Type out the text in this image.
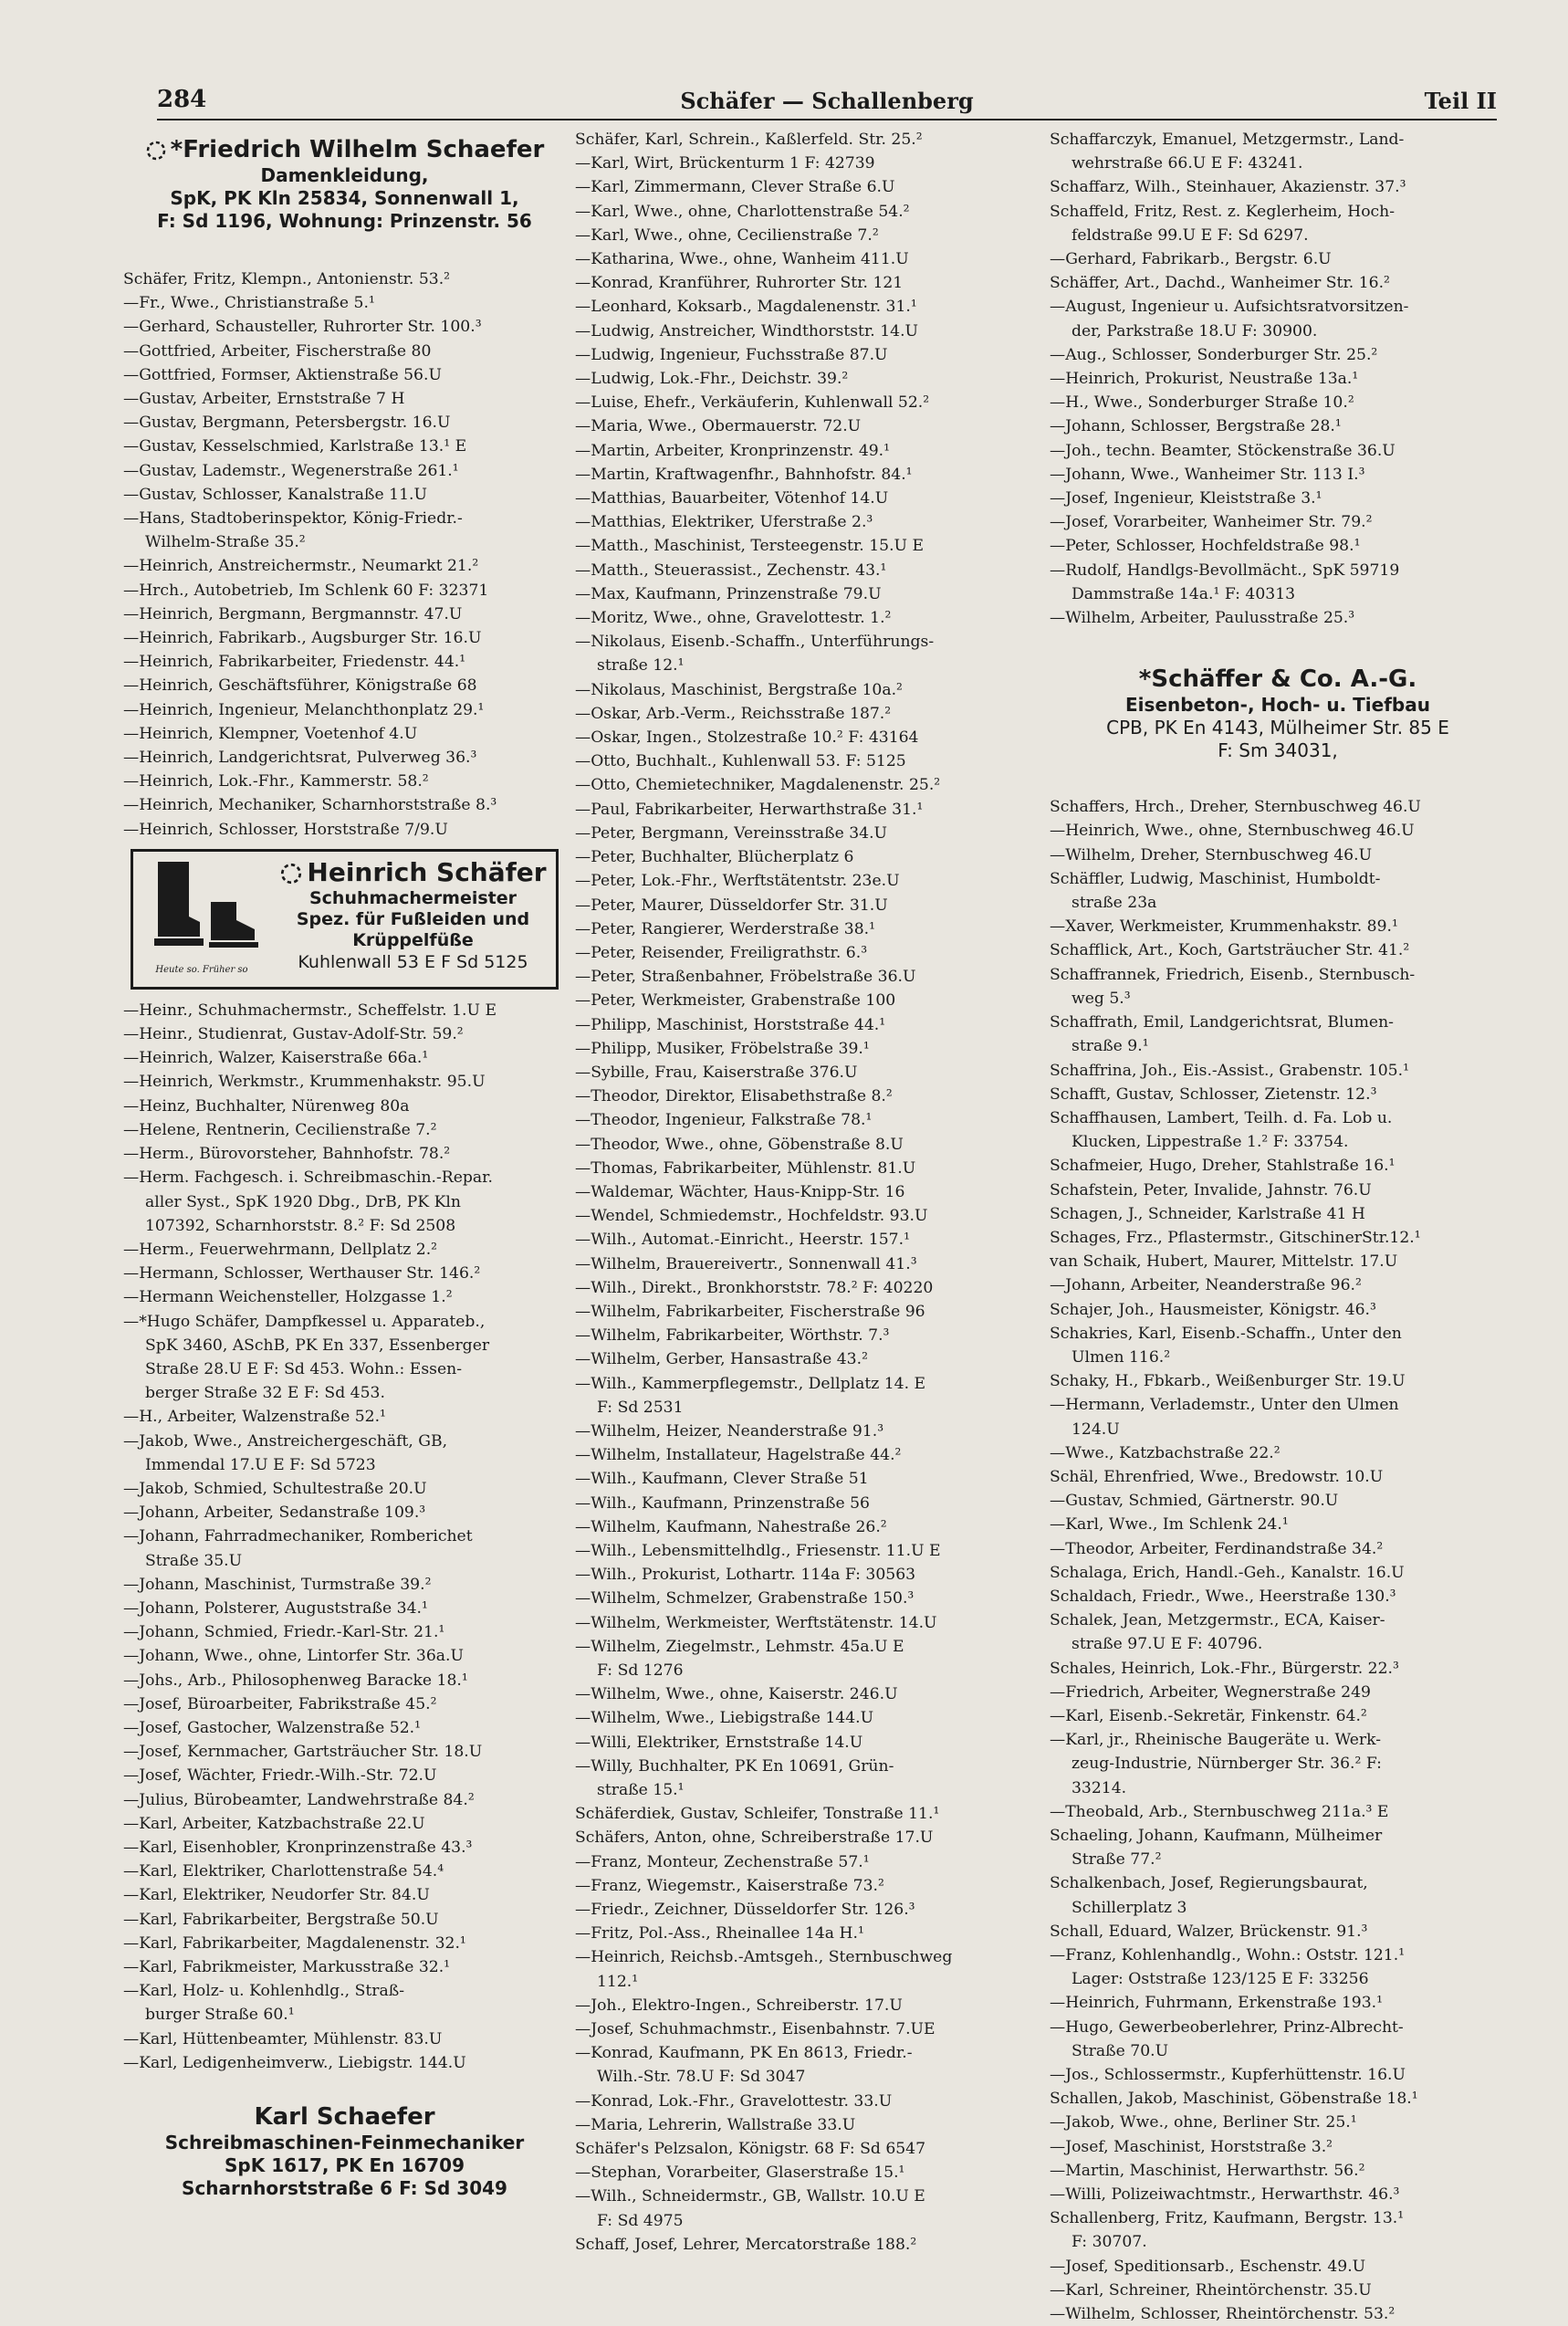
284	Schäfer — Schallenberg	Teil II
*Friedrich Wilhelm Schaefer
Damenkleidung,
SpK, PK Kln 25834, Sonnenwall 1,
F: Sd 1196, Wohnung: Prinzenstr. 56
Schäfer, Fritz, Klempn., Antonienstr. 53.²
—Fr., Wwe., Christianstraße 5.¹
—Gerhard, Schausteller, Ruhrorter Str. 100.³
—Gottfried, Arbeiter, Fischerstraße 80
—Gottfried, Formser, Aktienstraße 56.U
—Gustav, Arbeiter, Ernststraße 7 H
—Gustav, Bergmann, Petersbergstr. 16.U
—Gustav, Kesselschmied, Karlstraße 13.¹ E
—Gustav, Lademstr., Wegenerstraße 261.¹
—Gustav, Schlosser, Kanalstraße 11.U
—Hans, Stadtoberinspektor, König-Friedr.-
Wilhelm-Straße 35.²
—Heinrich, Anstreichermstr., Neumarkt 21.²
—Hrch., Autobetrieb, Im Schlenk 60 F: 32371
—Heinrich, Bergmann, Bergmannstr. 47.U
—Heinrich, Fabrikarb., Augsburger Str. 16.U
—Heinrich, Fabrikarbeiter, Friedenstr. 44.¹
—Heinrich, Geschäftsführer, Königstraße 68
—Heinrich, Ingenieur, Melanchthonplatz 29.¹
—Heinrich, Klempner, Voetenhof 4.U
—Heinrich, Landgerichtsrat, Pulverweg 36.³
—Heinrich, Lok.-Fhr., Kammerstr. 58.²
—Heinrich, Mechaniker, Scharnhorststraße 8.³
—Heinrich, Schlosser, Horststraße 7/9.U
Heute so. Früher so
Heinrich Schäfer
Schuhmachermeister
Spez. für Fußleiden und
Krüppelfüße
Kuhlenwall 53 E F Sd 5125
—Heinr., Schuhmachermstr., Scheffelstr. 1.U E
—Heinr., Studienrat, Gustav-Adolf-Str. 59.²
—Heinrich, Walzer, Kaiserstraße 66a.¹
—Heinrich, Werkmstr., Krummenhakstr. 95.U
—Heinz, Buchhalter, Nürenweg 80a
—Helene, Rentnerin, Cecilienstraße 7.²
—Herm., Bürovorsteher, Bahnhofstr. 78.²
—Herm. Fachgesch. i. Schreibmaschin.-Repar.
aller Syst., SpK 1920 Dbg., DrB, PK Kln
107392, Scharnhorststr. 8.² F: Sd 2508
—Herm., Feuerwehrmann, Dellplatz 2.²
—Hermann, Schlosser, Werthauser Str. 146.²
—Hermann Weichensteller, Holzgasse 1.²
—*Hugo Schäfer, Dampfkessel u. Apparateb.,
SpK 3460, ASchB, PK En 337, Essenberger
Straße 28.U E F: Sd 453. Wohn.: Essen-
berger Straße 32 E F: Sd 453.
—H., Arbeiter, Walzenstraße 52.¹
—Jakob, Wwe., Anstreichergeschäft, GB,
Immendal 17.U E F: Sd 5723
—Jakob, Schmied, Schultestraße 20.U
—Johann, Arbeiter, Sedanstraße 109.³
—Johann, Fahrradmechaniker, Romberichet
Straße 35.U
—Johann, Maschinist, Turmstraße 39.²
—Johann, Polsterer, Auguststraße 34.¹
—Johann, Schmied, Friedr.-Karl-Str. 21.¹
—Johann, Wwe., ohne, Lintorfer Str. 36a.U
—Johs., Arb., Philosophenweg Baracke 18.¹
—Josef, Büroarbeiter, Fabrikstraße 45.²
—Josef, Gastocher, Walzenstraße 52.¹
—Josef, Kernmacher, Gartsträucher Str. 18.U
—Josef, Wächter, Friedr.-Wilh.-Str. 72.U
—Julius, Bürobeamter, Landwehrstraße 84.²
—Karl, Arbeiter, Katzbachstraße 22.U
—Karl, Eisenhobler, Kronprinzenstraße 43.³
—Karl, Elektriker, Charlottenstraße 54.⁴
—Karl, Elektriker, Neudorfer Str. 84.U
—Karl, Fabrikarbeiter, Bergstraße 50.U
—Karl, Fabrikarbeiter, Magdalenenstr. 32.¹
—Karl, Fabrikmeister, Markusstraße 32.¹
—Karl, Holz- u. Kohlenhdlg., Straß-
burger Straße 60.¹
—Karl, Hüttenbeamter, Mühlenstr. 83.U
—Karl, Ledigenheimverw., Liebigstr. 144.U
Karl Schaefer
Schreibmaschinen-Feinmechaniker
SpK 1617, PK En 16709
Scharnhorststraße 6 F: Sd 3049
Schäfer, Karl, Schrein., Kaßlerfeld. Str. 25.²
—Karl, Wirt, Brückenturm 1 F: 42739
—Karl, Zimmermann, Clever Straße 6.U
—Karl, Wwe., ohne, Charlottenstraße 54.²
—Karl, Wwe., ohne, Cecilienstraße 7.²
—Katharina, Wwe., ohne, Wanheim 411.U
—Konrad, Kranführer, Ruhrorter Str. 121
—Leonhard, Koksarb., Magdalenenstr. 31.¹
—Ludwig, Anstreicher, Windthorststr. 14.U
—Ludwig, Ingenieur, Fuchsstraße 87.U
—Ludwig, Lok.-Fhr., Deichstr. 39.²
—Luise, Ehefr., Verkäuferin, Kuhlenwall 52.²
—Maria, Wwe., Obermauerstr. 72.U
—Martin, Arbeiter, Kronprinzenstr. 49.¹
—Martin, Kraftwagenfhr., Bahnhofstr. 84.¹
—Matthias, Bauarbeiter, Vötenhof 14.U
—Matthias, Elektriker, Uferstraße 2.³
—Matth., Maschinist, Tersteegenstr. 15.U E
—Matth., Steuerassist., Zechenstr. 43.¹
—Max, Kaufmann, Prinzenstraße 79.U
—Moritz, Wwe., ohne, Gravelottestr. 1.²
—Nikolaus, Eisenb.-Schaffn., Unterführungs-
straße 12.¹
—Nikolaus, Maschinist, Bergstraße 10a.²
—Oskar, Arb.-Verm., Reichsstraße 187.²
—Oskar, Ingen., Stolzestraße 10.² F: 43164
—Otto, Buchhalt., Kuhlenwall 53. F: 5125
—Otto, Chemietechniker, Magdalenenstr. 25.²
—Paul, Fabrikarbeiter, Herwarthstraße 31.¹
—Peter, Bergmann, Vereinsstraße 34.U
—Peter, Buchhalter, Blücherplatz 6
—Peter, Lok.-Fhr., Werftstätentstr. 23e.U
—Peter, Maurer, Düsseldorfer Str. 31.U
—Peter, Rangierer, Werderstraße 38.¹
—Peter, Reisender, Freiligrathstr. 6.³
—Peter, Straßenbahner, Fröbelstraße 36.U
—Peter, Werkmeister, Grabenstraße 100
—Philipp, Maschinist, Horststraße 44.¹
—Philipp, Musiker, Fröbelstraße 39.¹
—Sybille, Frau, Kaiserstraße 376.U
—Theodor, Direktor, Elisabethstraße 8.²
—Theodor, Ingenieur, Falkstraße 78.¹
—Theodor, Wwe., ohne, Göbenstraße 8.U
—Thomas, Fabrikarbeiter, Mühlenstr. 81.U
—Waldemar, Wächter, Haus-Knipp-Str. 16
—Wendel, Schmiedemstr., Hochfeldstr. 93.U
—Wilh., Automat.-Einricht., Heerstr. 157.¹
—Wilhelm, Brauereivertr., Sonnenwall 41.³
—Wilh., Direkt., Bronkhorststr. 78.² F: 40220
—Wilhelm, Fabrikarbeiter, Fischerstraße 96
—Wilhelm, Fabrikarbeiter, Wörthstr. 7.³
—Wilhelm, Gerber, Hansastraße 43.²
—Wilh., Kammerpflegemstr., Dellplatz 14. E
F: Sd 2531
—Wilhelm, Heizer, Neanderstraße 91.³
—Wilhelm, Installateur, Hagelstraße 44.²
—Wilh., Kaufmann, Clever Straße 51
—Wilh., Kaufmann, Prinzenstraße 56
—Wilhelm, Kaufmann, Nahestraße 26.²
—Wilh., Lebensmittelhdlg., Friesenstr. 11.U E
—Wilh., Prokurist, Lothartr. 114a F: 30563
—Wilhelm, Schmelzer, Grabenstraße 150.³
—Wilhelm, Werkmeister, Werftstätenstr. 14.U
—Wilhelm, Ziegelmstr., Lehmstr. 45a.U E
F: Sd 1276
—Wilhelm, Wwe., ohne, Kaiserstr. 246.U
—Wilhelm, Wwe., Liebigstraße 144.U
—Willi, Elektriker, Ernststraße 14.U
—Willy, Buchhalter, PK En 10691, Grün-
straße 15.¹
Schäferdiek, Gustav, Schleifer, Tonstraße 11.¹
Schäfers, Anton, ohne, Schreiberstraße 17.U
—Franz, Monteur, Zechenstraße 57.¹
—Franz, Wiegemstr., Kaiserstraße 73.²
—Friedr., Zeichner, Düsseldorfer Str. 126.³
—Fritz, Pol.-Ass., Rheinallee 14a H.¹
—Heinrich, Reichsb.-Amtsgeh., Sternbuschweg
112.¹
—Joh., Elektro-Ingen., Schreiberstr. 17.U
—Josef, Schuhmachmstr., Eisenbahnstr. 7.UE
—Konrad, Kaufmann, PK En 8613, Friedr.-
Wilh.-Str. 78.U F: Sd 3047
—Konrad, Lok.-Fhr., Gravelottestr. 33.U
—Maria, Lehrerin, Wallstraße 33.U
Schäfer's Pelzsalon, Königstr. 68 F: Sd 6547
—Stephan, Vorarbeiter, Glaserstraße 15.¹
—Wilh., Schneidermstr., GB, Wallstr. 10.U E
F: Sd 4975
Schaff, Josef, Lehrer, Mercatorstraße 188.²
Schaffarczyk, Emanuel, Metzgermstr., Land-
wehrstraße 66.U E F: 43241.
Schaffarz, Wilh., Steinhauer, Akazienstr. 37.³
Schaffeld, Fritz, Rest. z. Keglerheim, Hoch-
feldstraße 99.U E F: Sd 6297.
—Gerhard, Fabrikarb., Bergstr. 6.U
Schäffer, Art., Dachd., Wanheimer Str. 16.²
—August, Ingenieur u. Aufsichtsratvorsitzen-
der, Parkstraße 18.U F: 30900.
—Aug., Schlosser, Sonderburger Str. 25.²
—Heinrich, Prokurist, Neustraße 13a.¹
—H., Wwe., Sonderburger Straße 10.²
—Johann, Schlosser, Bergstraße 28.¹
—Joh., techn. Beamter, Stöckenstraße 36.U
—Johann, Wwe., Wanheimer Str. 113 I.³
—Josef, Ingenieur, Kleiststraße 3.¹
—Josef, Vorarbeiter, Wanheimer Str. 79.²
—Peter, Schlosser, Hochfeldstraße 98.¹
—Rudolf, Handlgs-Bevollmächt., SpK 59719
Dammstraße 14a.¹ F: 40313
—Wilhelm, Arbeiter, Paulusstraße 25.³
*Schäffer & Co. A.-G.
Eisenbeton-, Hoch- u. Tiefbau
CPB, PK En 4143, Mülheimer Str. 85 E
F: Sm 34031,
Schaffers, Hrch., Dreher, Sternbuschweg 46.U
—Heinrich, Wwe., ohne, Sternbuschweg 46.U
—Wilhelm, Dreher, Sternbuschweg 46.U
Schäffler, Ludwig, Maschinist, Humboldt-
straße 23a
—Xaver, Werkmeister, Krummenhakstr. 89.¹
Schafflick, Art., Koch, Gartsträucher Str. 41.²
Schaffrannek, Friedrich, Eisenb., Sternbusch-
weg 5.³
Schaffrath, Emil, Landgerichtsrat, Blumen-
straße 9.¹
Schaffrina, Joh., Eis.-Assist., Grabenstr. 105.¹
Schafft, Gustav, Schlosser, Zietenstr. 12.³
Schaffhausen, Lambert, Teilh. d. Fa. Lob u.
Klucken, Lippestraße 1.² F: 33754.
Schafmeier, Hugo, Dreher, Stahlstraße 16.¹
Schafstein, Peter, Invalide, Jahnstr. 76.U
Schagen, J., Schneider, Karlstraße 41 H
Schages, Frz., Pflastermstr., GitschinerStr.12.¹
van Schaik, Hubert, Maurer, Mittelstr. 17.U
—Johann, Arbeiter, Neanderstraße 96.²
Schajer, Joh., Hausmeister, Königstr. 46.³
Schakries, Karl, Eisenb.-Schaffn., Unter den
Ulmen 116.²
Schaky, H., Fbkarb., Weißenburger Str. 19.U
—Hermann, Verlademstr., Unter den Ulmen
124.U
—Wwe., Katzbachstraße 22.²
Schäl, Ehrenfried, Wwe., Bredowstr. 10.U
—Gustav, Schmied, Gärtnerstr. 90.U
—Karl, Wwe., Im Schlenk 24.¹
—Theodor, Arbeiter, Ferdinandstraße 34.²
Schalaga, Erich, Handl.-Geh., Kanalstr. 16.U
Schaldach, Friedr., Wwe., Heerstraße 130.³
Schalek, Jean, Metzgermstr., ECA, Kaiser-
straße 97.U E F: 40796.
Schales, Heinrich, Lok.-Fhr., Bürgerstr. 22.³
—Friedrich, Arbeiter, Wegnerstraße 249
—Karl, Eisenb.-Sekretär, Finkenstr. 64.²
—Karl, jr., Rheinische Baugeräte u. Werk-
zeug-Industrie, Nürnberger Str. 36.² F:
33214.
—Theobald, Arb., Sternbuschweg 211a.³ E
Schaeling, Johann, Kaufmann, Mülheimer
Straße 77.²
Schalkenbach, Josef, Regierungsbaurat,
Schillerplatz 3
Schall, Eduard, Walzer, Brückenstr. 91.³
—Franz, Kohlenhandlg., Wohn.: Oststr. 121.¹
Lager: Oststraße 123/125 E F: 33256
—Heinrich, Fuhrmann, Erkenstraße 193.¹
—Hugo, Gewerbeoberlehrer, Prinz-Albrecht-
Straße 70.U
—Jos., Schlossermstr., Kupferhüttenstr. 16.U
Schallen, Jakob, Maschinist, Göbenstraße 18.¹
—Jakob, Wwe., ohne, Berliner Str. 25.¹
—Josef, Maschinist, Horststraße 3.²
—Martin, Maschinist, Herwarthstr. 56.²
—Willi, Polizeiwachtmstr., Herwarthstr. 46.³
Schallenberg, Fritz, Kaufmann, Bergstr. 13.¹
F: 30707.
—Josef, Speditionsarb., Eschenstr. 49.U
—Karl, Schreiner, Rheintörchenstr. 35.U
—Wilhelm, Schlosser, Rheintörchenstr. 53.²
